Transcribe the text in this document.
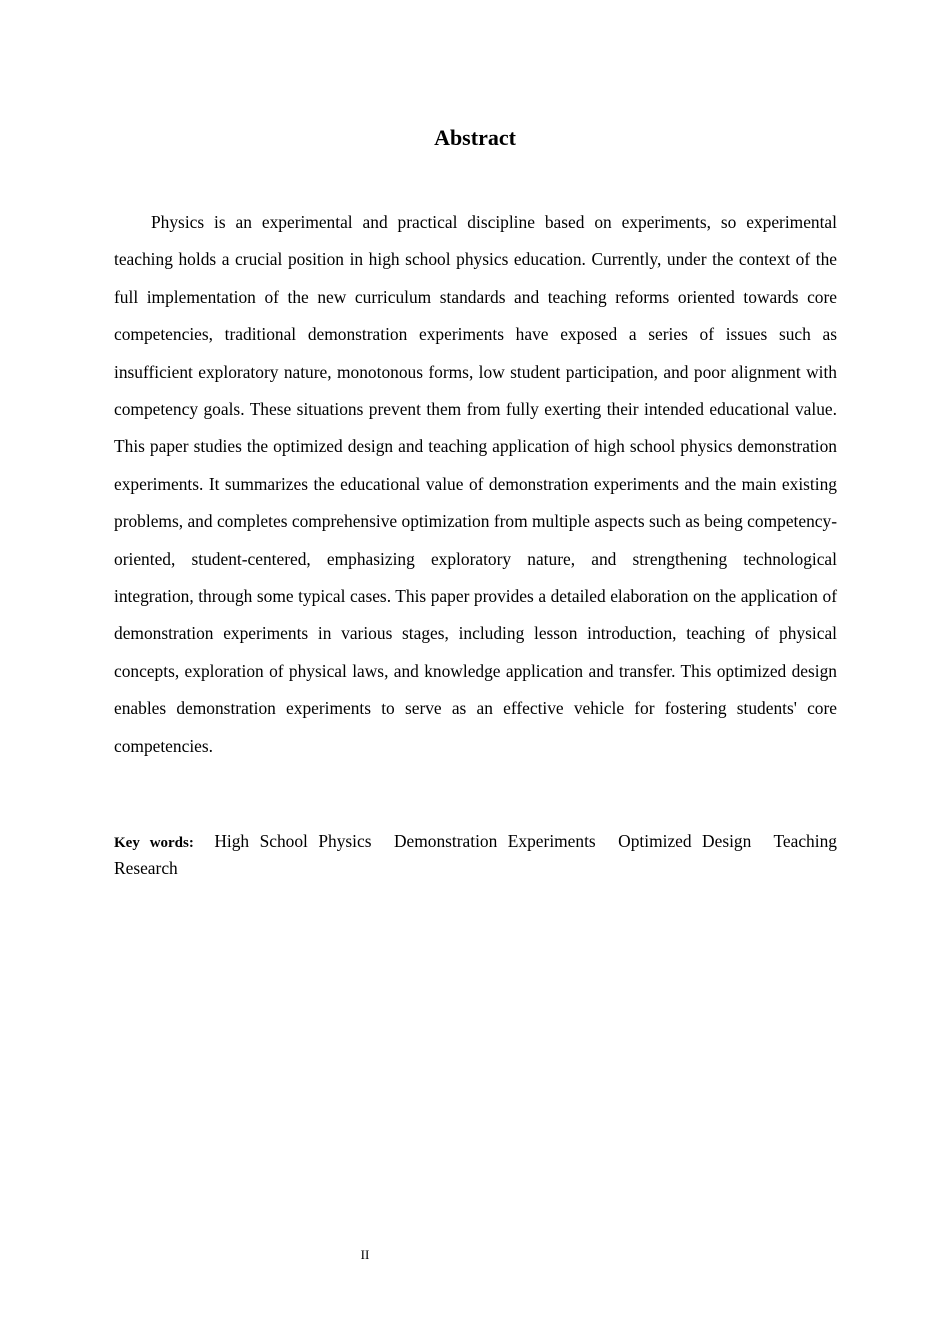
Abstract

Physics is an experimental and practical discipline based on experiments, so experimental teaching holds a crucial position in high school physics education. Currently, under the context of the full implementation of the new curriculum standards and teaching reforms oriented towards core competencies, traditional demonstration experiments have exposed a series of issues such as insufficient exploratory nature, monotonous forms, low student participation, and poor alignment with competency goals. These situations prevent them from fully exerting their intended educational value. This paper studies the optimized design and teaching application of high school physics demonstration experiments. It summarizes the educational value of demonstration experiments and the main existing problems, and completes comprehensive optimization from multiple aspects such as being competency-oriented, student-centered, emphasizing exploratory nature, and strengthening technological integration, through some typical cases. This paper provides a detailed elaboration on the application of demonstration experiments in various stages, including lesson introduction, teaching of physical concepts, exploration of physical laws, and knowledge application and transfer. This optimized design enables demonstration experiments to serve as an effective vehicle for fostering students' core competencies.

Key words: High School Physics Demonstration Experiments Optimized Design Teaching Research
II
